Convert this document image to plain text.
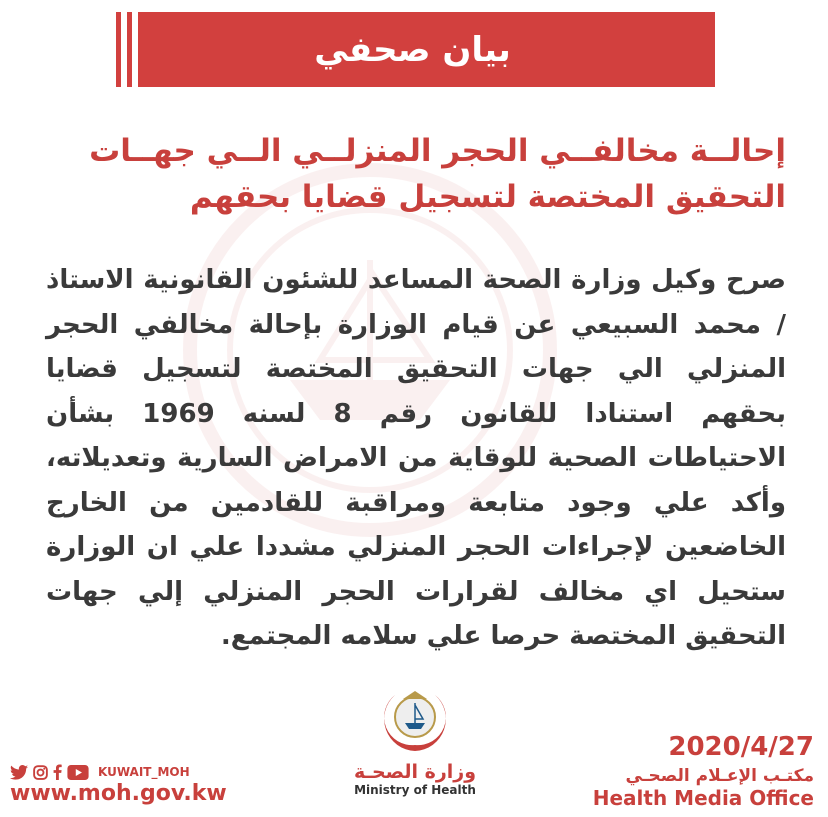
بيان صحفي
إحالــة مخالفــي الحجر المنزلــي الــي جهــات
التحقيق المختصة لتسجيل قضايا بحقهم
صرح وكيل وزارة الصحة المساعد للشئون القانونية الاستاذ / محمد السبيعي عن قيام الوزارة بإحالة مخالفي الحجر المنزلي الي جهات التحقيق المختصة لتسجيل قضايا بحقهم استنادا للقانون رقم 8 لسنه 1969 بشأن الاحتياطات الصحية للوقاية من الامراض السارية وتعديلاته، وأكد علي وجود متابعة ومراقبة للقادمين من الخارج الخاضعين لإجراءات الحجر المنزلي مشددا علي ان الوزارة ستحيل اي مخالف لقرارات الحجر المنزلي إلي جهات التحقيق المختصة حرصا علي سلامه المجتمع.
وزارة الصحـة
Ministry of Health
2020/4/27
مكتـب الإعـلام الصحـي
Health Media Office
KUWAIT_MOH
www.moh.gov.kw
